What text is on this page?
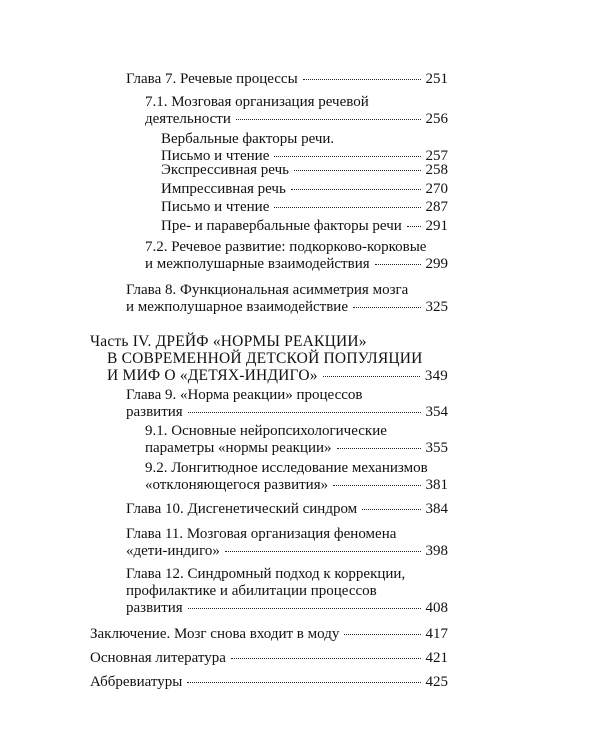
Глава 7. Речевые процессы	251
7.1. Мозговая организация речевой
деятельности	256
Вербальные факторы речи.
Письмо и чтение	257
Экспрессивная речь	258
Импрессивная речь	270
Письмо и чтение	287
Пре- и паравербальные факторы речи 291
7.2. Речевое развитие: подкорково-корковые
и межполушарные взаимодействия	299
Глава 8. Функциональная асимметрия мозга
и межполушарное взаимодействие	325
Часть IV. ДРЕЙФ «НОРМЫ РЕАКЦИИ»
В СОВРЕМЕННОЙ ДЕТСКОЙ ПОПУЛЯЦИИ
И МИФ О «ДЕТЯХ-ИНДИГО»	349
Глава 9. «Норма реакции» процессов
развития	354
9.1. Основные нейропсихологические
параметры «нормы реакции»	355
9.2. Лонгитюдное исследование механизмов
«отклоняющегося развития»	381
Глава 10. Дисгенетический синдром	384
Глава 11. Мозговая организация феномена
«дети-индиго»	398
Глава 12. Синдромный подход к коррекции,
профилактике и абилитации процессов
развития	408
Заключение. Мозг снова входит в моду	417
Основная литература	421
Аббревиатуры	425
